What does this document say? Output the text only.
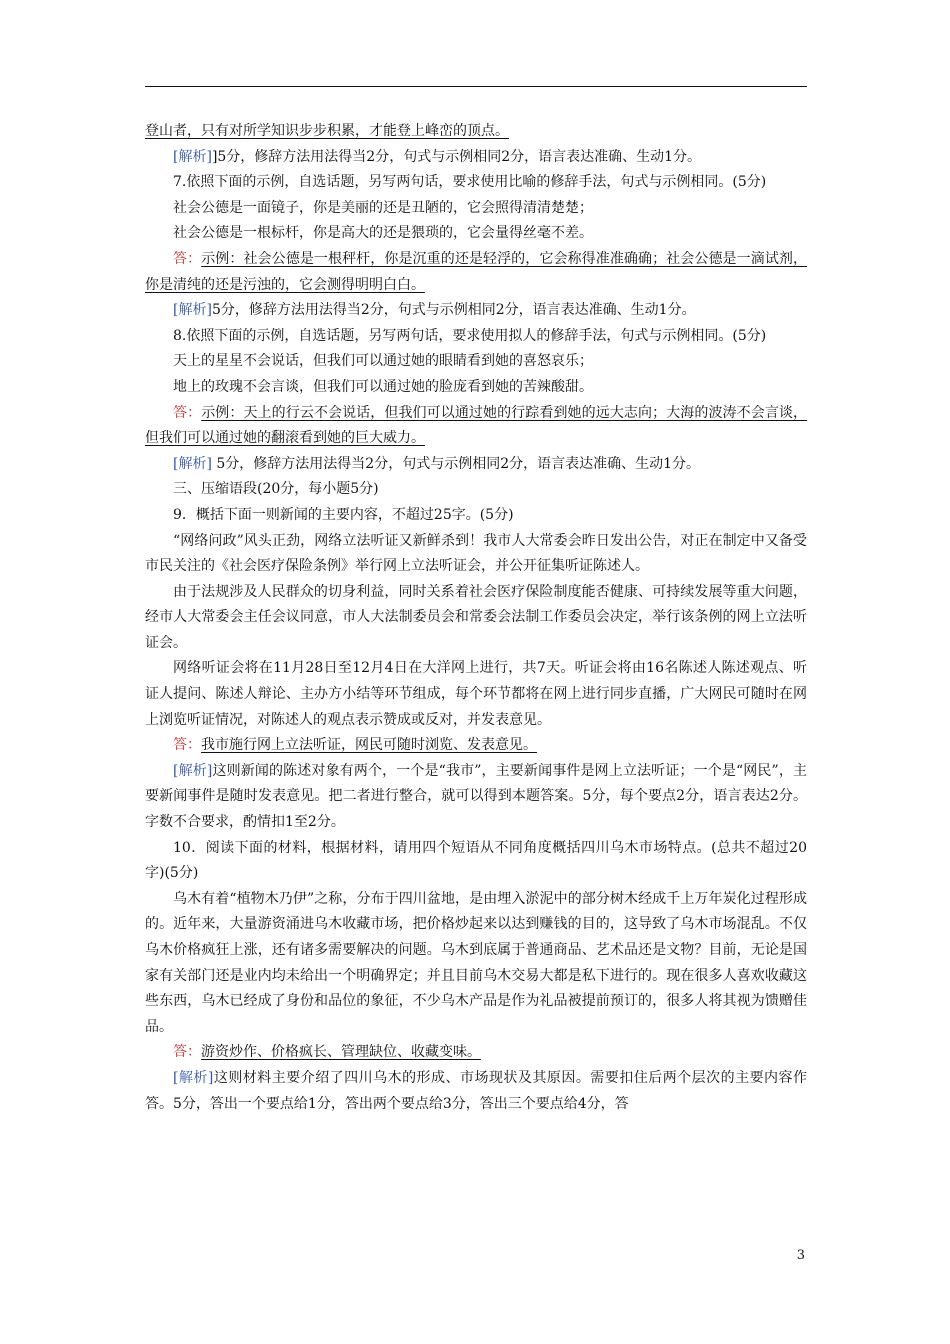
登山者，只有对所学知识步步积累，才能登上峰峦的顶点。

[解析]]5分，修辞方法用法得当2分，句式与示例相同2分，语言表达准确、生动1分。

7.依照下面的示例，自选话题，另写两句话，要求使用比喻的修辞手法，句式与示例相同。(5分)

社会公德是一面镜子，你是美丽的还是丑陋的，它会照得清清楚楚；

社会公德是一根标杆，你是高大的还是猥琐的，它会量得丝毫不差。

答：示例：社会公德是一根秤杆，你是沉重的还是轻浮的，它会称得准准确确；社会公德是一滴试剂，你是清纯的还是污浊的，它会测得明明白白。

[解析]5分，修辞方法用法得当2分，句式与示例相同2分，语言表达准确、生动1分。

8.依照下面的示例，自选话题，另写两句话，要求使用拟人的修辞手法，句式与示例相同。(5分)

天上的星星不会说话，但我们可以通过她的眼睛看到她的喜怒哀乐；

地上的玫瑰不会言谈，但我们可以通过她的脸庞看到她的苦辣酸甜。

答：示例：天上的行云不会说话，但我们可以通过她的行踪看到她的远大志向；大海的波涛不会言谈，但我们可以通过她的翻滚看到她的巨大威力。

[解析] 5分，修辞方法用法得当2分，句式与示例相同2分，语言表达准确、生动1分。

三、压缩语段(20分，每小题5分)

9．概括下面一则新闻的主要内容，不超过25字。(5分)

“网络问政”风头正劲，网络立法听证又新鲜杀到！我市人大常委会昨日发出公告，对正在制定中又备受市民关注的《社会医疗保险条例》举行网上立法听证会，并公开征集听证陈述人。

由于法规涉及人民群众的切身利益，同时关系着社会医疗保险制度能否健康、可持续发展等重大问题，经市人大常委会主任会议同意，市人大法制委员会和常委会法制工作委员会决定，举行该条例的网上立法听证会。

网络听证会将在11月28日至12月4日在大洋网上进行，共7天。听证会将由16名陈述人陈述观点、听证人提问、陈述人辩论、主办方小结等环节组成，每个环节都将在网上进行同步直播，广大网民可随时在网上浏览听证情况，对陈述人的观点表示赞成或反对，并发表意见。

答：我市施行网上立法听证，网民可随时浏览、发表意见。

[解析]这则新闻的陈述对象有两个，一个是“我市”，主要新闻事件是网上立法听证；一个是“网民”，主要新闻事件是随时发表意见。把二者进行整合，就可以得到本题答案。5分，每个要点2分，语言表达2分。字数不合要求，酌情扣1至2分。

10．阅读下面的材料，根据材料，请用四个短语从不同角度概括四川乌木市场特点。(总共不超过20字)(5分)

乌木有着“植物木乃伊”之称，分布于四川盆地，是由埋入淤泥中的部分树木经成千上万年炭化过程形成的。近年来，大量游资涌进乌木收藏市场，把价格炒起来以达到赚钱的目的，这导致了乌木市场混乱。不仅乌木价格疯狂上涨，还有诸多需要解决的问题。乌木到底属于普通商品、艺术品还是文物？目前，无论是国家有关部门还是业内均未给出一个明确界定；并且目前乌木交易大都是私下进行的。现在很多人喜欢收藏这些东西，乌木已经成了身份和品位的象征，不少乌木产品是作为礼品被提前预订的，很多人将其视为馈赠佳品。

答：游资炒作、价格疯长、管理缺位、收藏变味。

[解析]这则材料主要介绍了四川乌木的形成、市场现状及其原因。需要扣住后两个层次的主要内容作答。5分，答出一个要点给1分，答出两个要点给3分，答出三个要点给4分，答

3
